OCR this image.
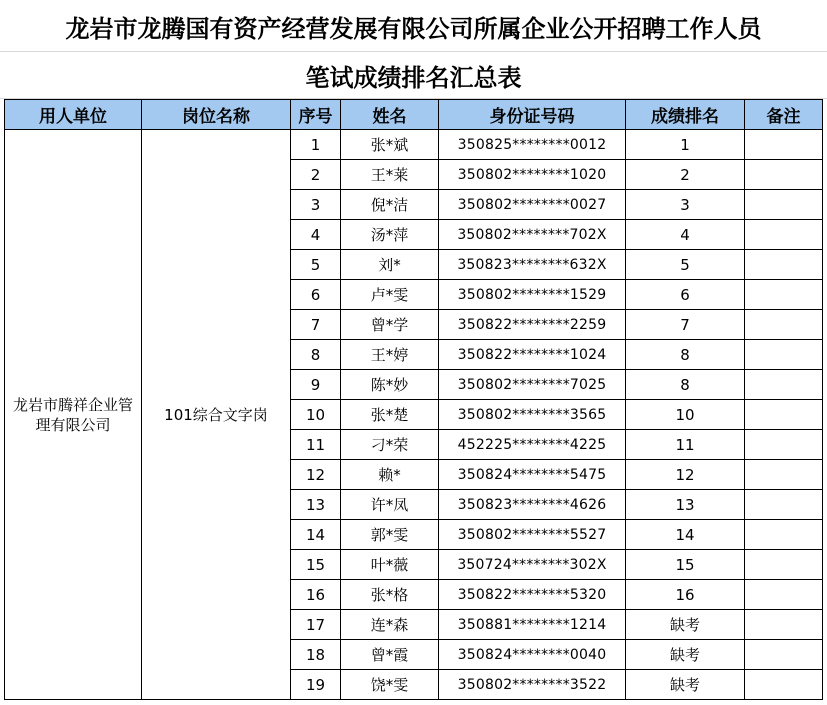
龙岩市龙腾国有资产经营发展有限公司所属企业公开招聘工作人员
笔试成绩排名汇总表
用人单位	岗位名称	序号	姓名	身份证号码	成绩排名	备注
龙岩市腾祥企业管理有限公司	101综合文字岗	1	张*斌	350825********0012	1	
		2	王*莱	350802********1020	2	
		3	倪*洁	350802********0027	3	
		4	汤*萍	350802********702X	4	
		5	刘*	350823********632X	5	
		6	卢*雯	350802********1529	6	
		7	曾*学	350822********2259	7	
		8	王*婷	350822********1024	8	
		9	陈*妙	350802********7025	8	
		10	张*楚	350802********3565	10	
		11	刁*荣	452225********4225	11	
		12	赖*	350824********5475	12	
		13	许*凤	350823********4626	13	
		14	郭*雯	350802********5527	14	
		15	叶*薇	350724********302X	15	
		16	张*格	350822********5320	16	
		17	连*森	350881********1214	缺考	
		18	曾*霞	350824********0040	缺考	
		19	饶*雯	350802********3522	缺考	
